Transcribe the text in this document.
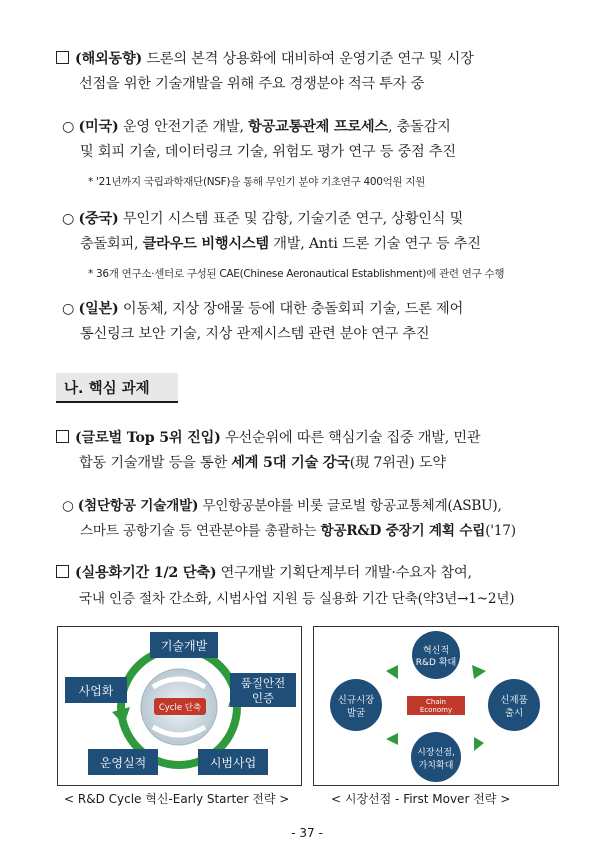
(해외동향) 드론의 본격 상용화에 대비하여 운영기준 연구 및 시장
선점을 위한 기술개발을 위해 주요 경쟁분야 적극 투자 중
○ (미국) 운영 안전기준 개발, 항공교통관제 프로세스, 충돌감지
및 회피 기술, 데이터링크 기술, 위험도 평가 연구 등 중점 추진
* '21년까지 국립과학재단(NSF)을 통해 무인기 분야 기초연구 400억원 지원
○ (중국) 무인기 시스템 표준 및 감항, 기술기준 연구, 상황인식 및
충돌회피, 클라우드 비행시스템 개발, Anti 드론 기술 연구 등 추진
* 36개 연구소·센터로 구성된 CAE(Chinese Aeronautical Establishment)에 관련 연구 수행
○ (일본) 이동체, 지상 장애물 등에 대한 충돌회피 기술, 드론 제어
통신링크 보안 기술, 지상 관제시스템 관련 분야 연구 추진
나. 핵심 과제
(글로벌 Top 5위 진입) 우선순위에 따른 핵심기술 집중 개발, 민관
합동 기술개발 등을 통한 세계 5대 기술 강국(現 7위권) 도약
○ (첨단항공 기술개발) 무인항공분야를 비롯 글로벌 항공교통체계(ASBU),
스마트 공항기술 등 연관분야를 총괄하는 항공R&D 중장기 계획 수립('17)
(실용화기간 1/2 단축) 연구개발 기획단계부터 개발·수요자 참여,
국내 인증 절차 간소화, 시범사업 지원 등 실용화 기간 단축(약3년→1~2년)
Cycle 단축
기술개발
품질안전
인증
시범사업
운영실적
사업화
< R&D Cycle 혁신-Early Starter 전략 >
혁신적
R&D 확대
신제품
출시
시장선점,
가치확대
신규시장
발굴
Chain
Economy
< 시장선점 - First Mover 전략 >
- 37 -
